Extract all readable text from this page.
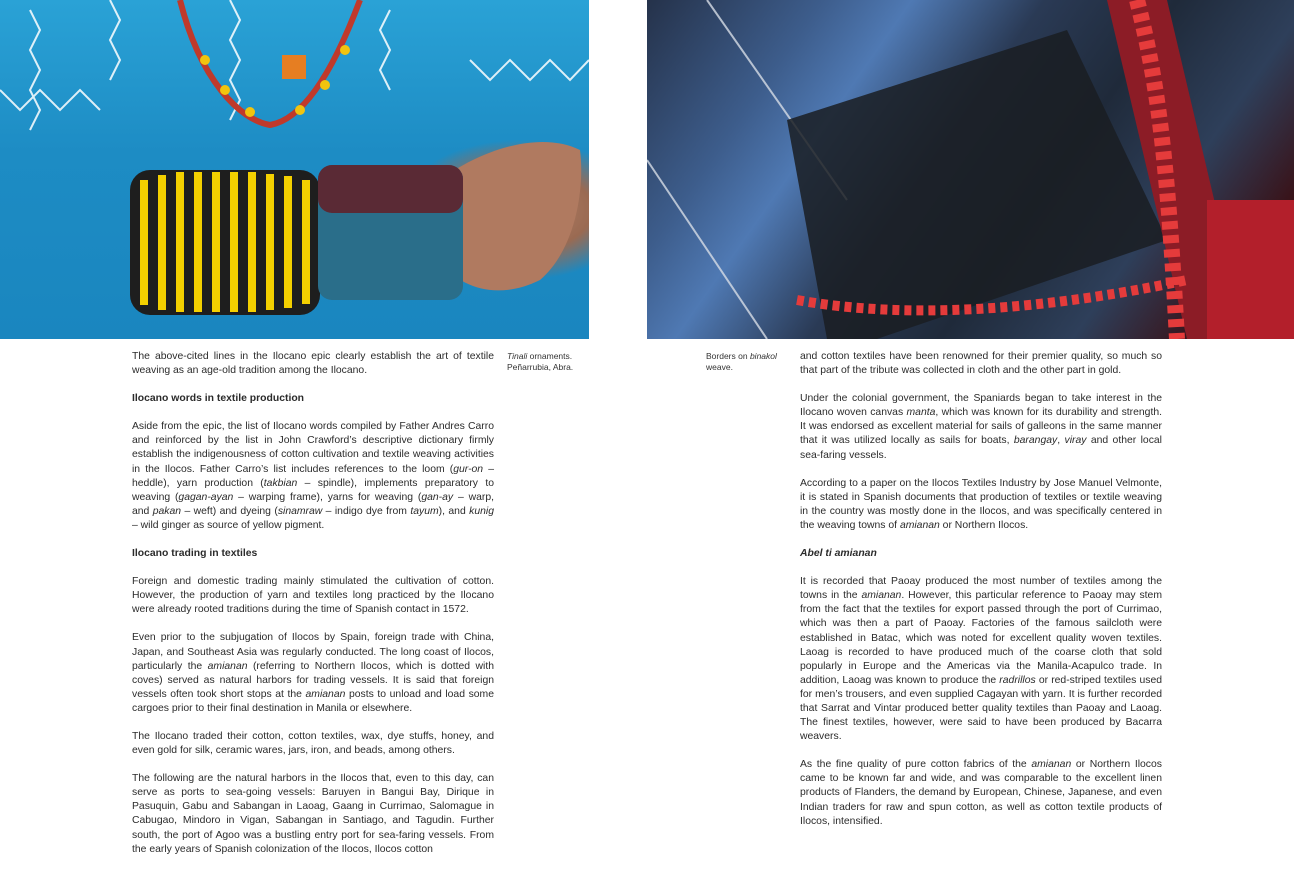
Tinali ornaments. Peñarrubia, Abra.
Borders on binakol weave.

The above-cited lines in the Ilocano epic clearly establish the art of textile weaving as an age-old tradition among the Ilocano.

Ilocano words in textile production

Aside from the epic, the list of Ilocano words compiled by Father Andres Carro and reinforced by the list in John Crawford’s descriptive dictionary firmly establish the indigenousness of cotton cultivation and textile weaving activities in the Ilocos. Father Carro’s list includes references to the loom (gur-on – heddle), yarn production (takbian – spindle), implements preparatory to weaving (gagan-ayan – warping frame), yarns for weaving (gan-ay – warp, and pakan – weft) and dyeing (sinamraw – indigo dye from tayum), and kunig – wild ginger as source of yellow pigment.

Ilocano trading in textiles

Foreign and domestic trading mainly stimulated the cultivation of cotton. However, the production of yarn and textiles long practiced by the Ilocano were already rooted traditions during the time of Spanish contact in 1572.

Even prior to the subjugation of Ilocos by Spain, foreign trade with China, Japan, and Southeast Asia was regularly conducted. The long coast of Ilocos, particularly the amianan (referring to Northern Ilocos, which is dotted with coves) served as natural harbors for trading vessels. It is said that foreign vessels often took short stops at the amianan posts to unload and load some cargoes prior to their final destination in Manila or elsewhere.

The Ilocano traded their cotton, cotton textiles, wax, dye stuffs, honey, and even gold for silk, ceramic wares, jars, iron, and beads, among others.

The following are the natural harbors in the Ilocos that, even to this day, can serve as ports to sea-going vessels: Baruyen in Bangui Bay, Dirique in Pasuquin, Gabu and Sabangan in Laoag, Gaang in Currimao, Salomague in Cabugao, Mindoro in Vigan, Sabangan in Santiago, and Tagudin. Further south, the port of Agoo was a bustling entry port for sea-faring vessels. From the early years of Spanish colonization of the Ilocos, Ilocos cotton

and cotton textiles have been renowned for their premier quality, so much so that part of the tribute was collected in cloth and the other part in gold.

Under the colonial government, the Spaniards began to take interest in the Ilocano woven canvas manta, which was known for its durability and strength. It was endorsed as excellent material for sails of galleons in the same manner that it was utilized locally as sails for boats, barangay, viray and other local sea-faring vessels.

According to a paper on the Ilocos Textiles Industry by Jose Manuel Velmonte, it is stated in Spanish documents that production of textiles or textile weaving in the country was mostly done in the Ilocos, and was specifically centered in the weaving towns of amianan or Northern Ilocos.

Abel ti amianan

It is recorded that Paoay produced the most number of textiles among the towns in the amianan. However, this particular reference to Paoay may stem from the fact that the textiles for export passed through the port of Currimao, which was then a part of Paoay. Factories of the famous sailcloth were established in Batac, which was noted for excellent quality woven textiles. Laoag is recorded to have produced much of the coarse cloth that sold popularly in Europe and the Americas via the Manila-Acapulco trade. In addition, Laoag was known to produce the radrillos or red-striped textiles used for men’s trousers, and even supplied Cagayan with yarn. It is further recorded that Sarrat and Vintar produced better quality textiles than Paoay and Laoag. The finest textiles, however, were said to have been produced by Bacarra weavers.

As the fine quality of pure cotton fabrics of the amianan or Northern Ilocos came to be known far and wide, and was comparable to the excellent linen products of Flanders, the demand by European, Chinese, Japanese, and even Indian traders for raw and spun cotton, as well as cotton textile products of Ilocos, intensified.
